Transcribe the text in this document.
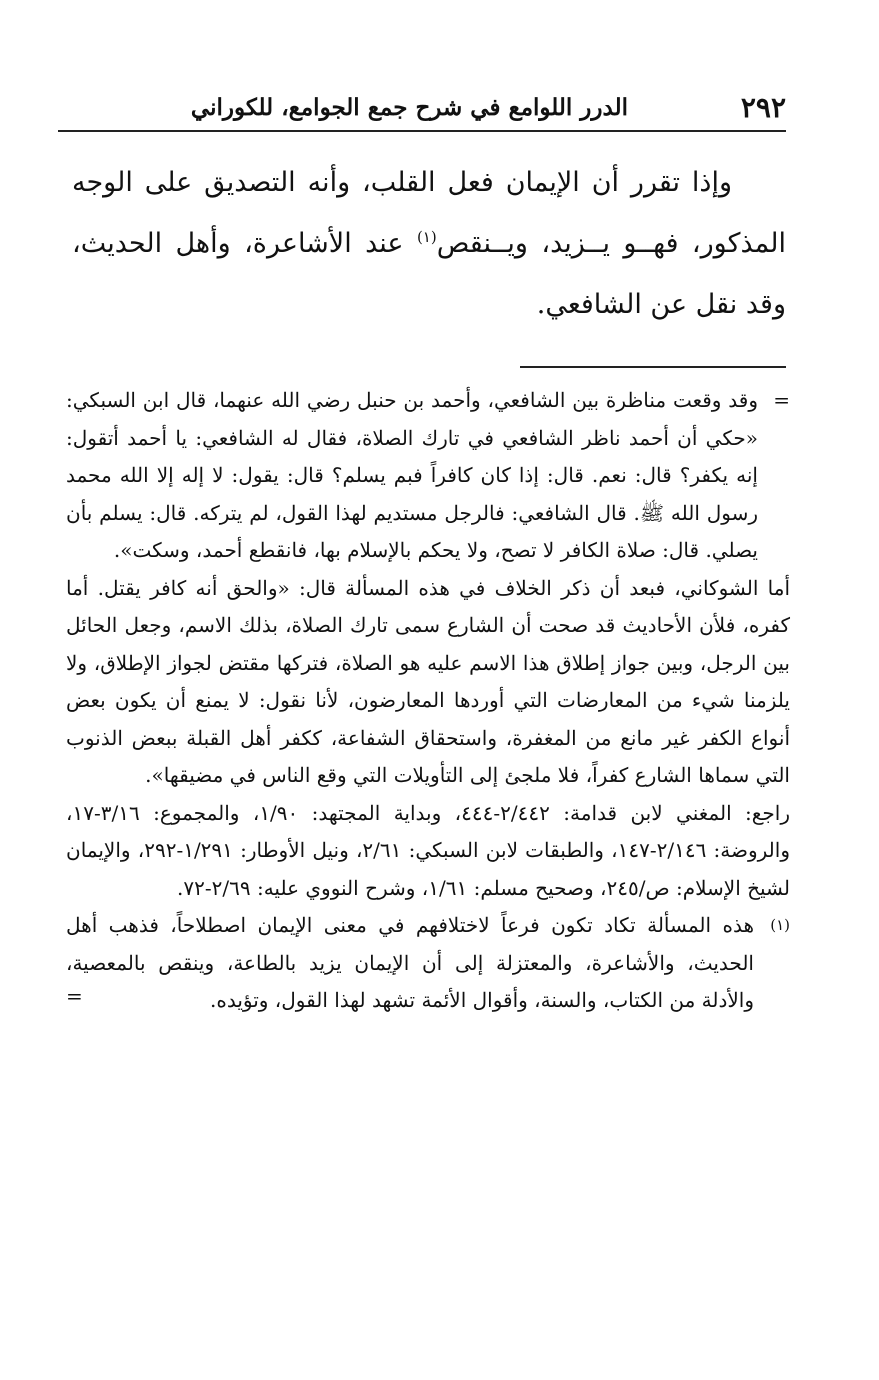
٢٩٢
الدرر اللوامع في شرح جمع الجوامع، للكوراني

وإذا تقرر أن الإيمان فعل القلب، وأنه التصديق على الوجه المذكور، فهــو يــزيد، ويــنقص$^{(١)}$ عند الأشاعرة، وأهل الحديث، وقد نقل عن الشافعي.

=

وقد وقعت مناظرة بين الشافعي، وأحمد بن حنبل رضي الله عنهما، قال ابن السبكي: «حكي أن أحمد ناظر الشافعي في تارك الصلاة، فقال له الشافعي: يا أحمد أتقول: إنه يكفر؟ قال: نعم. قال: إذا كان كافراً فبم يسلم؟ قال: يقول: لا إله إلا الله محمد رسول الله ﷺ. قال الشافعي: فالرجل مستديم لهذا القول، لم يتركه. قال: يسلم بأن يصلي. قال: صلاة الكافر لا تصح، ولا يحكم بالإسلام بها، فانقطع أحمد، وسكت».

أما الشوكاني، فبعد أن ذكر الخلاف في هذه المسألة قال: «والحق أنه كافر يقتل. أما كفره، فلأن الأحاديث قد صحت أن الشارع سمى تارك الصلاة، بذلك الاسم، وجعل الحائل بين الرجل، وبين جواز إطلاق هذا الاسم عليه هو الصلاة، فتركها مقتض لجواز الإطلاق، ولا يلزمنا شيء من المعارضات التي أوردها المعارضون، لأنا نقول: لا يمنع أن يكون بعض أنواع الكفر غير مانع من المغفرة، واستحقاق الشفاعة، ككفر أهل القبلة ببعض الذنوب التي سماها الشارع كفراً، فلا ملجئ إلى التأويلات التي وقع الناس في مضيقها».

راجع: المغني لابن قدامة: ٢/٤٤٢-٤٤٤، وبداية المجتهد: ١/٩٠، والمجموع: ٣/١٦-١٧، والروضة: ٢/١٤٦-١٤٧، والطبقات لابن السبكي: ٢/٦١، ونيل الأوطار: ١/٢٩١-٢٩٢، والإيمان لشيخ الإسلام: ص/٢٤٥، وصحيح مسلم: ١/٦١، وشرح النووي عليه: ٢/٦٩-٧٢.

(١)

هذه المسألة تكاد تكون فرعاً لاختلافهم في معنى الإيمان اصطلاحاً، فذهب أهل الحديث، والأشاعرة، والمعتزلة إلى أن الإيمان يزيد بالطاعة، وينقص بالمعصية، والأدلة من الكتاب، والسنة، وأقوال الأئمة تشهد لهذا القول، وتؤيده.

=
